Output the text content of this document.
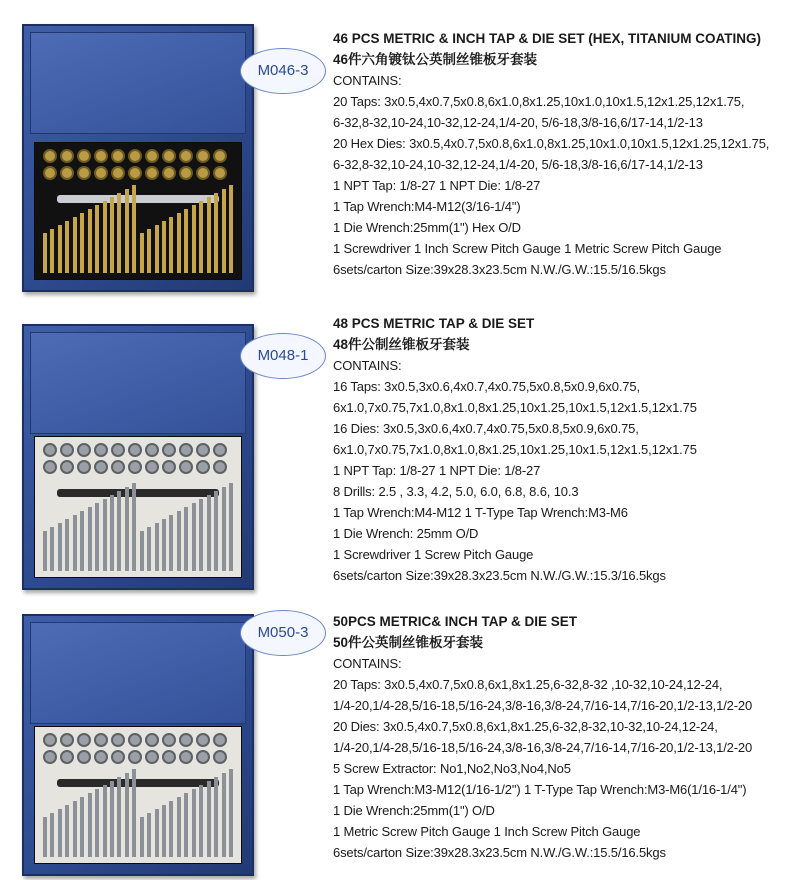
M046-3
46 PCS METRIC & INCH TAP & DIE SET (HEX, TITANIUM COATING)
46件六角镀钛公英制丝锥板牙套装
CONTAINS:
20 Taps: 3x0.5,4x0.7,5x0.8,6x1.0,8x1.25,10x1.0,10x1.5,12x1.25,12x1.75,
6-32,8-32,10-24,10-32,12-24,1/4-20, 5/6-18,3/8-16,6/17-14,1/2-13
20 Hex Dies: 3x0.5,4x0.7,5x0.8,6x1.0,8x1.25,10x1.0,10x1.5,12x1.25,12x1.75,
6-32,8-32,10-24,10-32,12-24,1/4-20, 5/6-18,3/8-16,6/17-14,1/2-13
1 NPT Tap: 1/8-27 1 NPT Die: 1/8-27
1 Tap Wrench:M4-M12(3/16-1/4")
1 Die Wrench:25mm(1") Hex O/D
1 Screwdriver 1 Inch Screw Pitch Gauge 1 Metric Screw Pitch Gauge
6sets/carton Size:39x28.3x23.5cm N.W./G.W.:15.5/16.5kgs
M048-1
48 PCS METRIC TAP & DIE SET
48件公制丝锥板牙套装
CONTAINS:
16 Taps: 3x0.5,3x0.6,4x0.7,4x0.75,5x0.8,5x0.9,6x0.75,
6x1.0,7x0.75,7x1.0,8x1.0,8x1.25,10x1.25,10x1.5,12x1.5,12x1.75
16 Dies: 3x0.5,3x0.6,4x0.7,4x0.75,5x0.8,5x0.9,6x0.75,
6x1.0,7x0.75,7x1.0,8x1.0,8x1.25,10x1.25,10x1.5,12x1.5,12x1.75
1 NPT Tap: 1/8-27 1 NPT Die: 1/8-27
8 Drills: 2.5 , 3.3, 4.2, 5.0, 6.0, 6.8, 8.6, 10.3
1 Tap Wrench:M4-M12 1 T-Type Tap Wrench:M3-M6
1 Die Wrench: 25mm O/D
1 Screwdriver 1 Screw Pitch Gauge
6sets/carton Size:39x28.3x23.5cm N.W./G.W.:15.3/16.5kgs
M050-3
50PCS METRIC& INCH TAP & DIE SET
50件公英制丝锥板牙套装
CONTAINS:
20 Taps: 3x0.5,4x0.7,5x0.8,6x1,8x1.25,6-32,8-32 ,10-32,10-24,12-24,
1/4-20,1/4-28,5/16-18,5/16-24,3/8-16,3/8-24,7/16-14,7/16-20,1/2-13,1/2-20
20 Dies: 3x0.5,4x0.7,5x0.8,6x1,8x1.25,6-32,8-32,10-32,10-24,12-24,
1/4-20,1/4-28,5/16-18,5/16-24,3/8-16,3/8-24,7/16-14,7/16-20,1/2-13,1/2-20
5 Screw Extractor: No1,No2,No3,No4,No5
1 Tap Wrench:M3-M12(1/16-1/2") 1 T-Type Tap Wrench:M3-M6(1/16-1/4")
1 Die Wrench:25mm(1") O/D
1 Metric Screw Pitch Gauge 1 Inch Screw Pitch Gauge
6sets/carton Size:39x28.3x23.5cm N.W./G.W.:15.5/16.5kgs
